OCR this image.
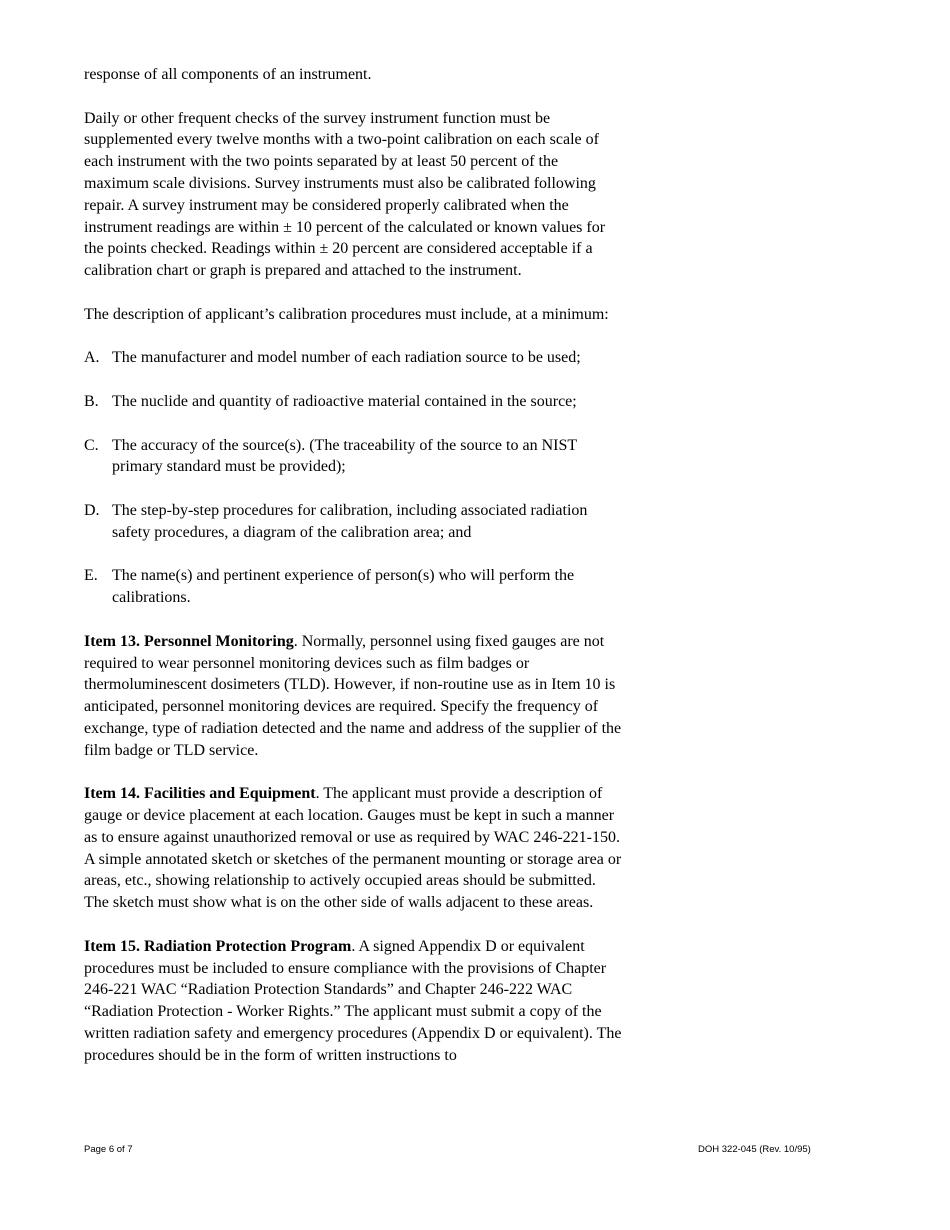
response of all components of an instrument.

Daily or other frequent checks of the survey instrument function must be supplemented every twelve months with a two-point calibration on each scale of each instrument with the two points separated by at least 50 percent of the maximum scale divisions. Survey instruments must also be calibrated following repair. A survey instrument may be considered properly calibrated when the instrument readings are within ± 10 percent of the calculated or known values for the points checked. Readings within ± 20 percent are considered acceptable if a calibration chart or graph is prepared and attached to the instrument.

The description of applicant’s calibration procedures must include, at a minimum:

A. The manufacturer and model number of each radiation source to be used;
B. The nuclide and quantity of radioactive material contained in the source;
C. The accuracy of the source(s). (The traceability of the source to an NIST primary standard must be provided);
D. The step-by-step procedures for calibration, including associated radiation safety procedures, a diagram of the calibration area; and
E. The name(s) and pertinent experience of person(s) who will perform the calibrations.

Item 13. Personnel Monitoring. Normally, personnel using fixed gauges are not required to wear personnel monitoring devices such as film badges or thermoluminescent dosimeters (TLD). However, if non-routine use as in Item 10 is anticipated, personnel monitoring devices are required. Specify the frequency of exchange, type of radiation detected and the name and address of the supplier of the film badge or TLD service.

Item 14. Facilities and Equipment. The applicant must provide a description of gauge or device placement at each location. Gauges must be kept in such a manner as to ensure against unauthorized removal or use as required by WAC 246-221-150. A simple annotated sketch or sketches of the permanent mounting or storage area or areas, etc., showing relationship to actively occupied areas should be submitted. The sketch must show what is on the other side of walls adjacent to these areas.

Item 15. Radiation Protection Program. A signed Appendix D or equivalent procedures must be included to ensure compliance with the provisions of Chapter 246-221 WAC “Radiation Protection Standards” and Chapter 246-222 WAC “Radiation Protection - Worker Rights.” The applicant must submit a copy of the written radiation safety and emergency procedures (Appendix D or equivalent). The procedures should be in the form of written instructions to

Page 6 of 7	DOH 322-045 (Rev. 10/95)
